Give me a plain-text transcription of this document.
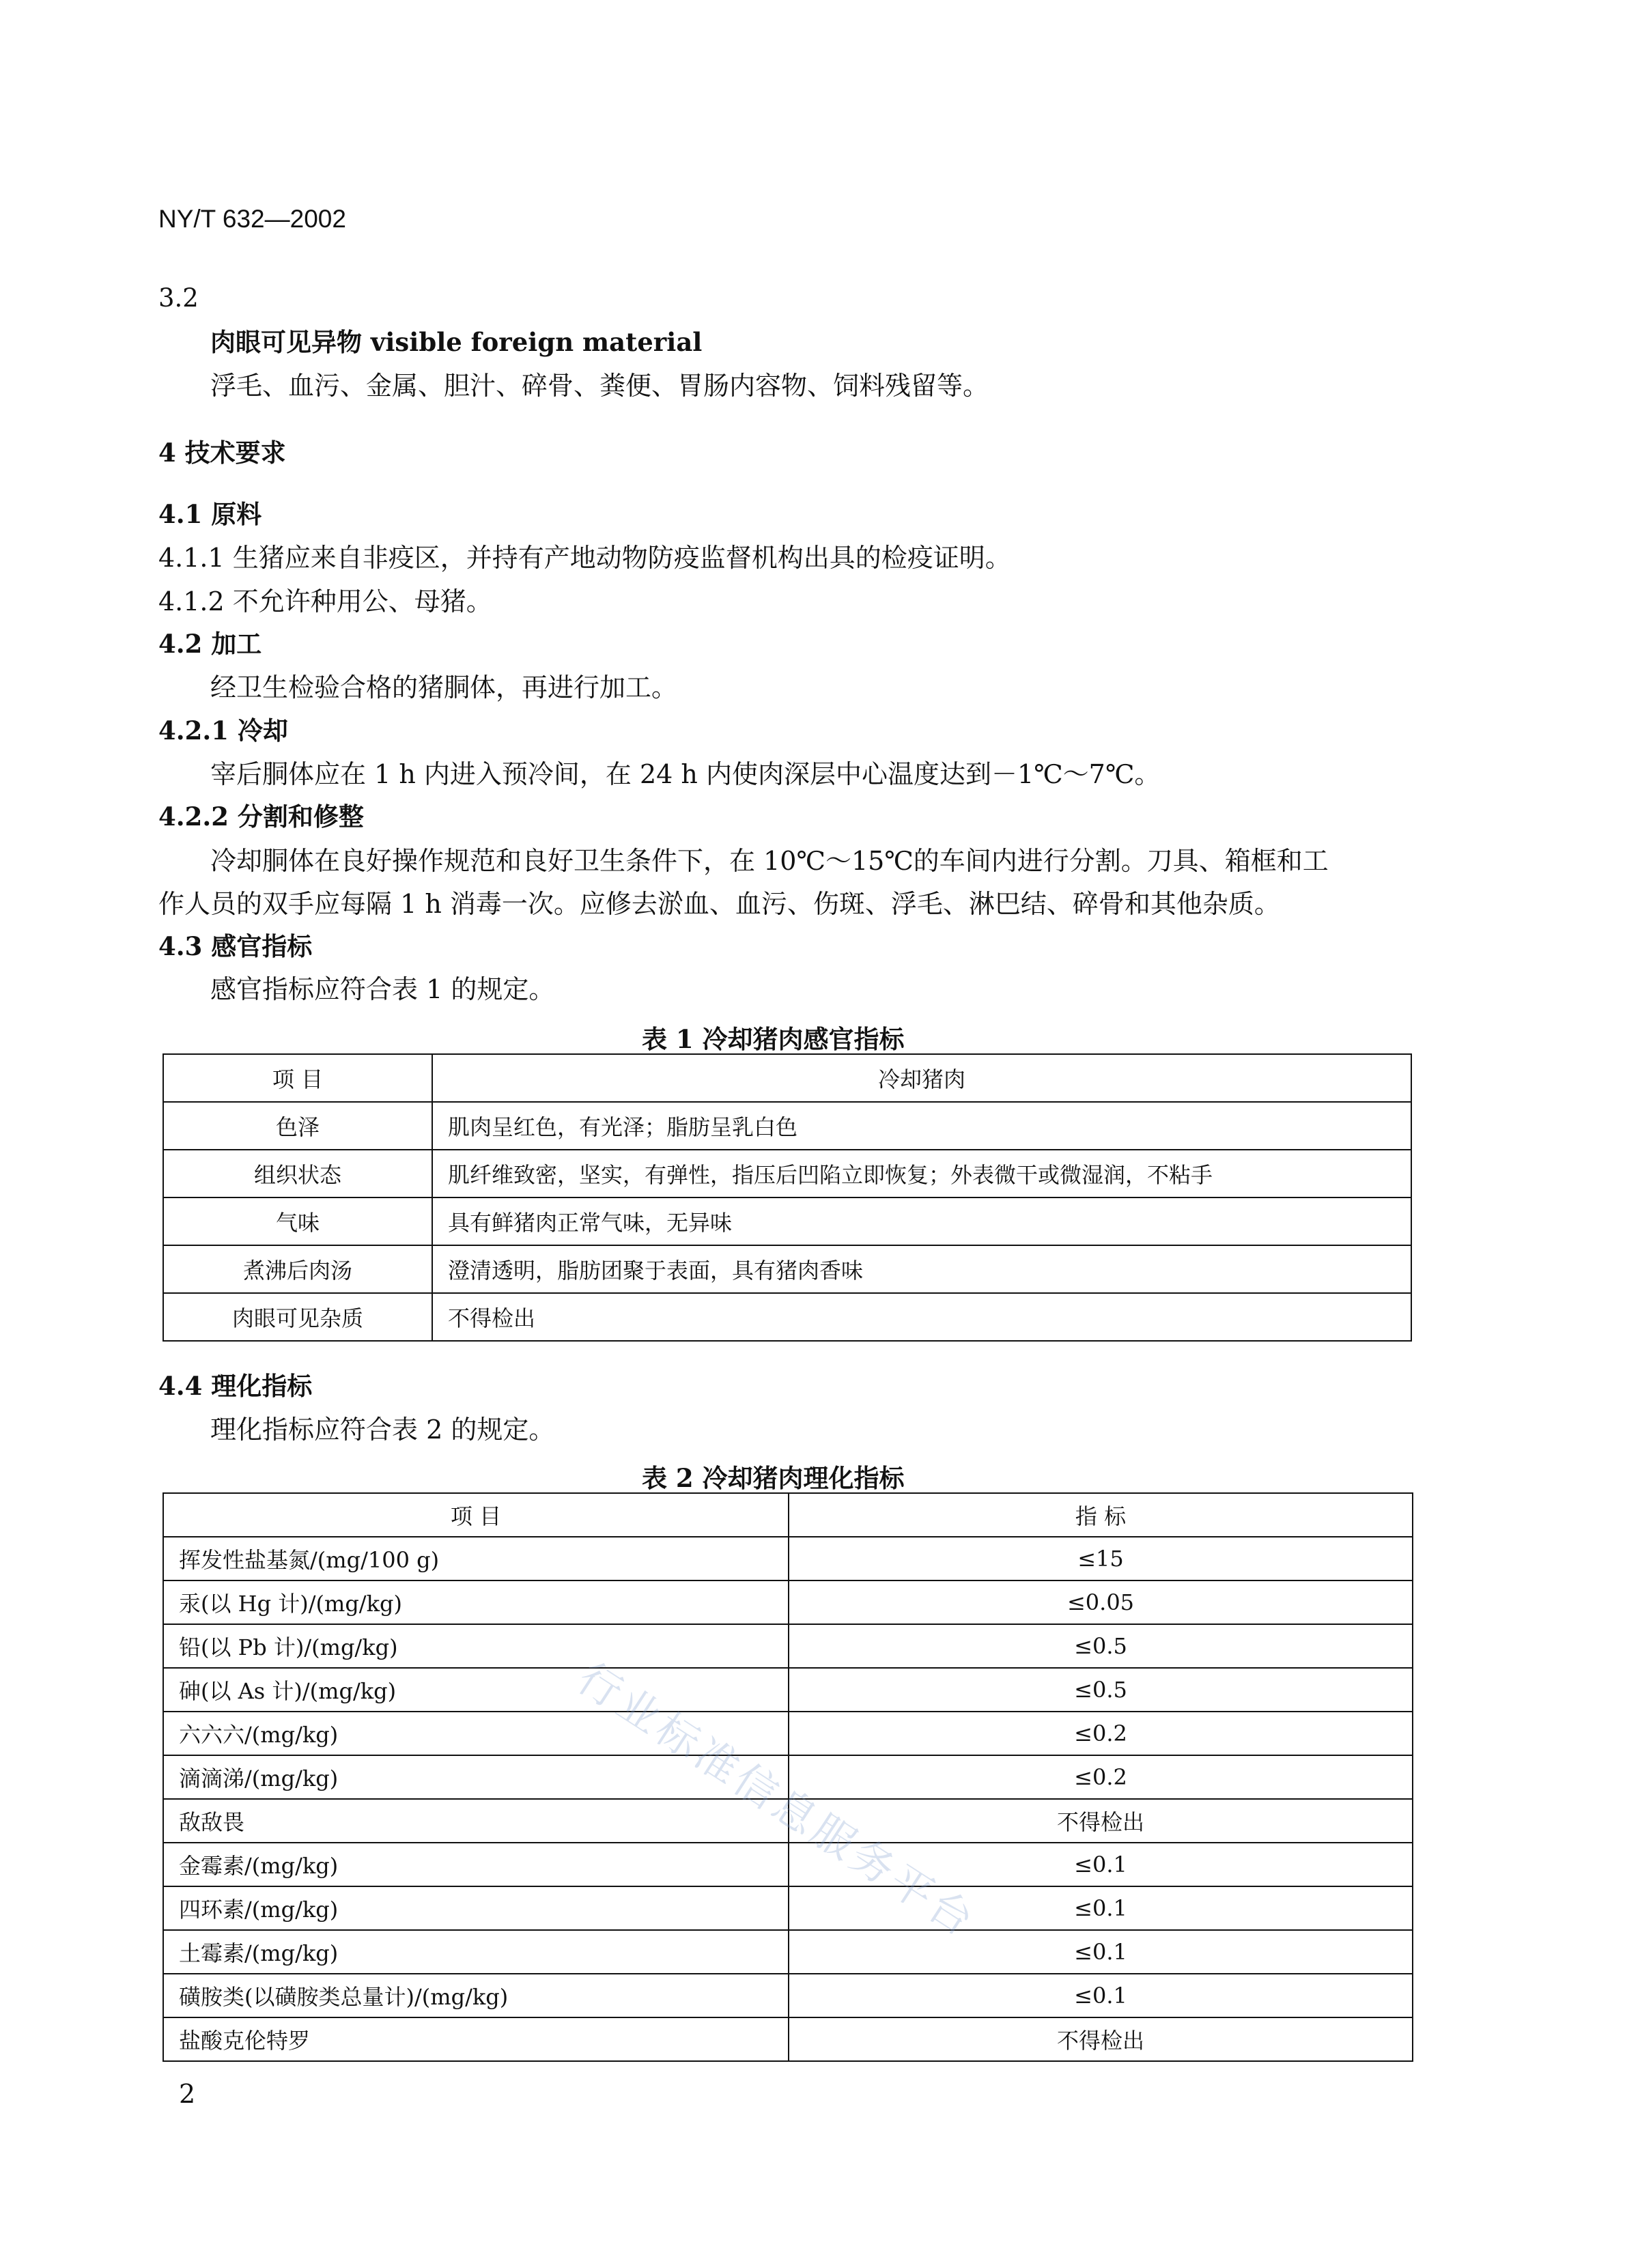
NY/T 632—2002
3.2
肉眼可见异物 visible foreign material
浮毛、血污、金属、胆汁、碎骨、粪便、胃肠内容物、饲料残留等。
4 技术要求
4.1 原料
4.1.1 生猪应来自非疫区，并持有产地动物防疫监督机构出具的检疫证明。
4.1.2 不允许种用公、母猪。
4.2 加工
经卫生检验合格的猪胴体，再进行加工。
4.2.1 冷却
宰后胴体应在 1 h 内进入预冷间，在 24 h 内使肉深层中心温度达到－1℃～7℃。
4.2.2 分割和修整
冷却胴体在良好操作规范和良好卫生条件下，在 10℃～15℃的车间内进行分割。刀具、箱框和工
作人员的双手应每隔 1 h 消毒一次。应修去淤血、血污、伤斑、浮毛、淋巴结、碎骨和其他杂质。
4.3 感官指标
感官指标应符合表 1 的规定。
表 1 冷却猪肉感官指标
项 目	冷却猪肉
色泽	肌肉呈红色，有光泽；脂肪呈乳白色
组织状态	肌纤维致密，坚实，有弹性，指压后凹陷立即恢复；外表微干或微湿润，不粘手
气味	具有鲜猪肉正常气味，无异味
煮沸后肉汤	澄清透明，脂肪团聚于表面，具有猪肉香味
肉眼可见杂质	不得检出
4.4 理化指标
理化指标应符合表 2 的规定。
表 2 冷却猪肉理化指标
项 目	指 标
挥发性盐基氮/(mg/100 g)	≤15
汞(以 Hg 计)/(mg/kg)	≤0.05
铅(以 Pb 计)/(mg/kg)	≤0.5
砷(以 As 计)/(mg/kg)	≤0.5
六六六/(mg/kg)	≤0.2
滴滴涕/(mg/kg)	≤0.2
敌敌畏	不得检出
金霉素/(mg/kg)	≤0.1
四环素/(mg/kg)	≤0.1
土霉素/(mg/kg)	≤0.1
磺胺类(以磺胺类总量计)/(mg/kg)	≤0.1
盐酸克伦特罗	不得检出
行业标准信息服务平台
2
